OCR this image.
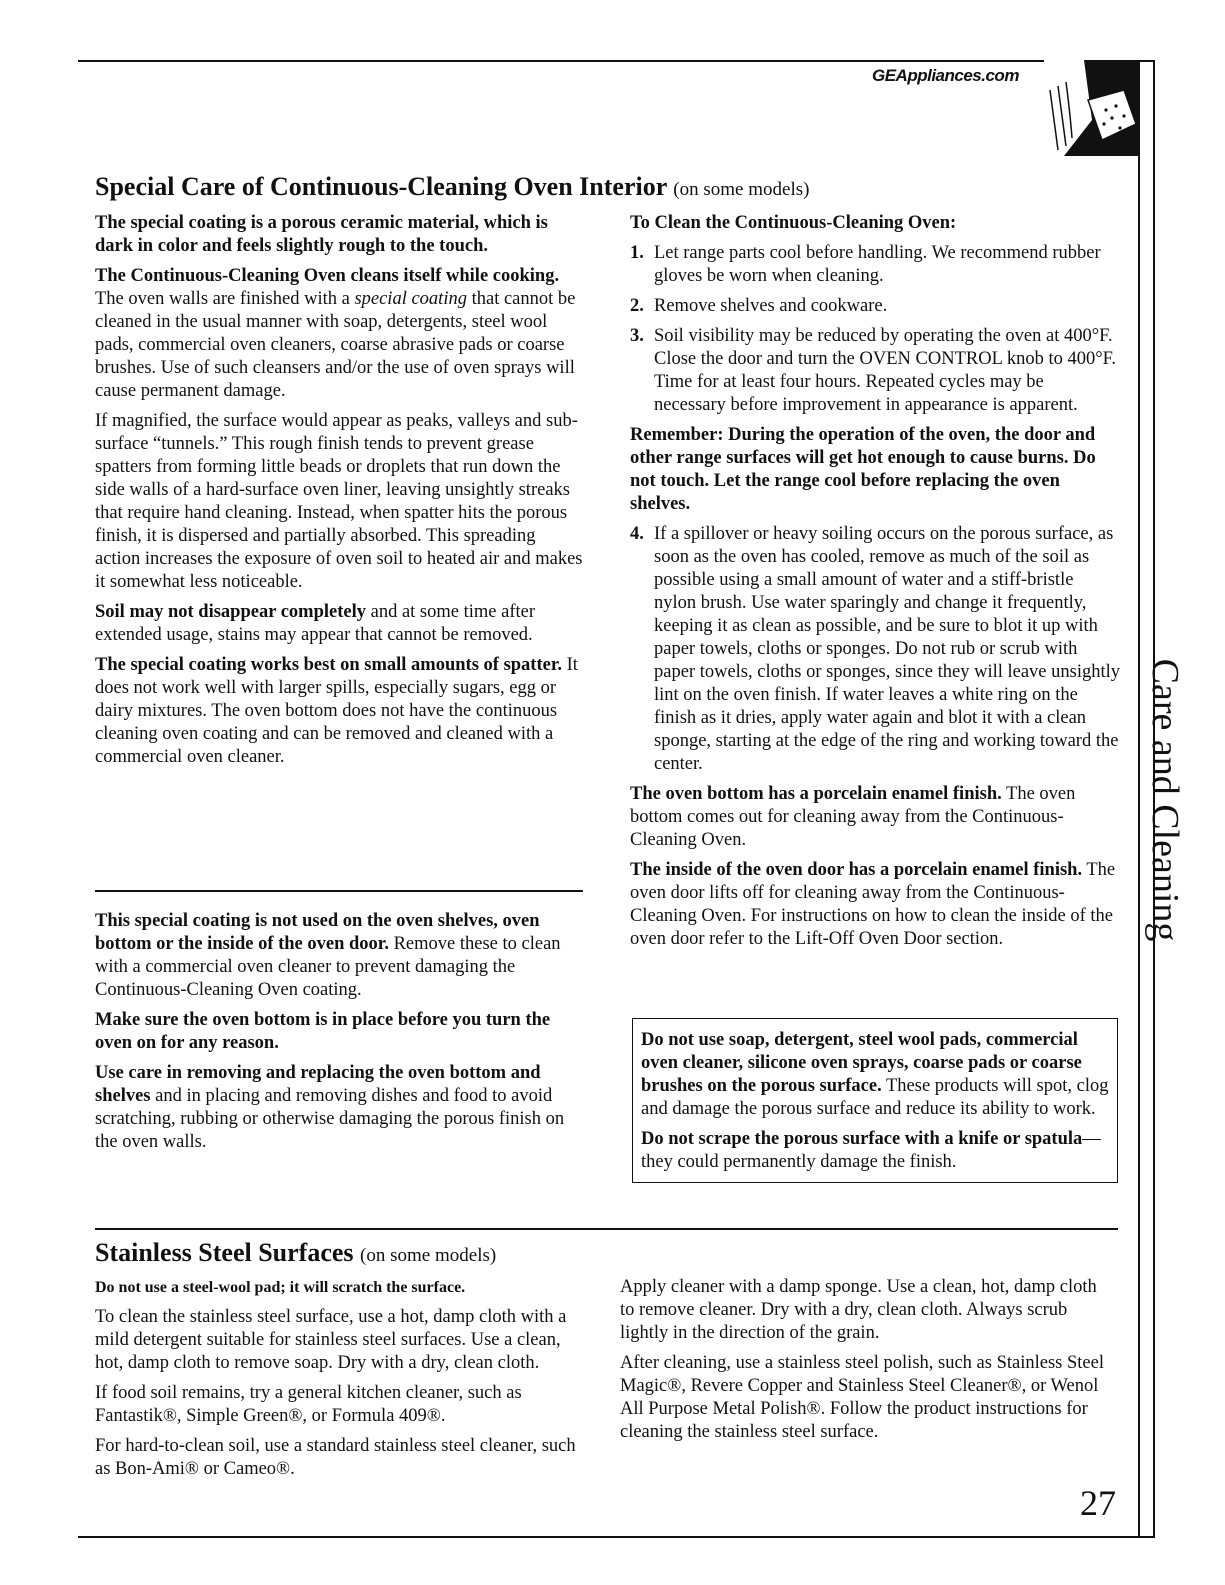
GEAppliances.com
Special Care of Continuous-Cleaning Oven Interior (on some models)

The special coating is a porous ceramic material, which is dark in color and feels slightly rough to the touch.

The Continuous-Cleaning Oven cleans itself while cooking. The oven walls are finished with a special coating that cannot be cleaned in the usual manner with soap, detergents, steel wool pads, commercial oven cleaners, coarse abrasive pads or coarse brushes. Use of such cleansers and/or the use of oven sprays will cause permanent damage.

If magnified, the surface would appear as peaks, valleys and sub-surface “tunnels.” This rough finish tends to prevent grease spatters from forming little beads or droplets that run down the side walls of a hard-surface oven liner, leaving unsightly streaks that require hand cleaning. Instead, when spatter hits the porous finish, it is dispersed and partially absorbed. This spreading action increases the exposure of oven soil to heated air and makes it somewhat less noticeable.

Soil may not disappear completely and at some time after extended usage, stains may appear that cannot be removed.

The special coating works best on small amounts of spatter. It does not work well with larger spills, especially sugars, egg or dairy mixtures. The oven bottom does not have the continuous cleaning oven coating and can be removed and cleaned with a commercial oven cleaner.

This special coating is not used on the oven shelves, oven bottom or the inside of the oven door. Remove these to clean with a commercial oven cleaner to prevent damaging the Continuous-Cleaning Oven coating.

Make sure the oven bottom is in place before you turn the oven on for any reason.

Use care in removing and replacing the oven bottom and shelves and in placing and removing dishes and food to avoid scratching, rubbing or otherwise damaging the porous finish on the oven walls.

To Clean the Continuous-Cleaning Oven:

1. Let range parts cool before handling. We recommend rubber gloves be worn when cleaning.
2. Remove shelves and cookware.
3. Soil visibility may be reduced by operating the oven at 400°F. Close the door and turn the OVEN CONTROL knob to 400°F. Time for at least four hours. Repeated cycles may be necessary before improvement in appearance is apparent.

Remember: During the operation of the oven, the door and other range surfaces will get hot enough to cause burns. Do not touch. Let the range cool before replacing the oven shelves.

4. If a spillover or heavy soiling occurs on the porous surface, as soon as the oven has cooled, remove as much of the soil as possible using a small amount of water and a stiff-bristle nylon brush. Use water sparingly and change it frequently, keeping it as clean as possible, and be sure to blot it up with paper towels, cloths or sponges. Do not rub or scrub with paper towels, cloths or sponges, since they will leave unsightly lint on the oven finish. If water leaves a white ring on the finish as it dries, apply water again and blot it with a clean sponge, starting at the edge of the ring and working toward the center.

The oven bottom has a porcelain enamel finish. The oven bottom comes out for cleaning away from the Continuous-Cleaning Oven.

The inside of the oven door has a porcelain enamel finish. The oven door lifts off for cleaning away from the Continuous-Cleaning Oven. For instructions on how to clean the inside of the oven door refer to the Lift-Off Oven Door section.

Do not use soap, detergent, steel wool pads, commercial oven cleaner, silicone oven sprays, coarse pads or coarse brushes on the porous surface. These products will spot, clog and damage the porous surface and reduce its ability to work.

Do not scrape the porous surface with a knife or spatula—they could permanently damage the finish.

Stainless Steel Surfaces (on some models)

Do not use a steel-wool pad; it will scratch the surface.

To clean the stainless steel surface, use a hot, damp cloth with a mild detergent suitable for stainless steel surfaces. Use a clean, hot, damp cloth to remove soap. Dry with a dry, clean cloth.

If food soil remains, try a general kitchen cleaner, such as Fantastik®, Simple Green®, or Formula 409®.

For hard-to-clean soil, use a standard stainless steel cleaner, such as Bon-Ami® or Cameo®.

Apply cleaner with a damp sponge. Use a clean, hot, damp cloth to remove cleaner. Dry with a dry, clean cloth. Always scrub lightly in the direction of the grain.

After cleaning, use a stainless steel polish, such as Stainless Steel Magic®, Revere Copper and Stainless Steel Cleaner®, or Wenol All Purpose Metal Polish®. Follow the product instructions for cleaning the stainless steel surface.

Care and Cleaning
27
